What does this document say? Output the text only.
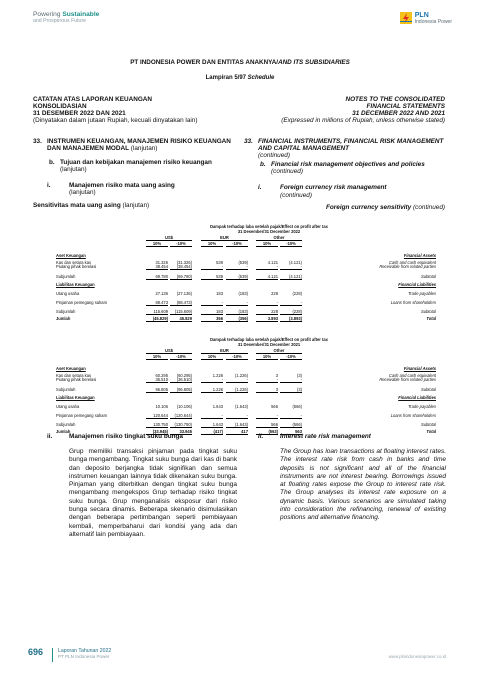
Powering Sustainable
and Prosperous Future
PLN
Indonesia Power
PT INDONESIA POWER DAN ENTITAS ANAKNYA/AND ITS SUBSIDIARIES
Lampiran 5/97 Schedule
CATATAN ATAS LAPORAN KEUANGAN
KONSOLIDASIAN
31 DESEMBER 2022 DAN 2021
(Dinyatakan dalam jutaan Rupiah, kecuali dinyatakan lain)
NOTES TO THE CONSOLIDATED
FINANCIAL STATEMENTS
31 DECEMBER 2022 AND 2021
(Expressed in millions of Rupiah, unless otherwise stated)
33. INSTRUMEN KEUANGAN, MANAJEMEN RISIKO KEUANGAN DAN MANAJEMEN MODAL (lanjutan)
b. Tujuan dan kebijakan manajemen risiko keuangan (lanjutan)
i.	Manajemen risiko mata uang asing
(lanjutan)
Sensitivitas mata uang asing (lanjutan)
33. FINANCIAL INSTRUMENTS, FINANCIAL RISK MANAGEMENT AND CAPITAL MANAGEMENT
(continued)
b. Financial risk management objectives and policies (continued)
i.	Foreign currency risk management
(continued)
Foreign currency sensitivity (continued)
Dampak terhadap laba setelah pajak/Effect on profit after tax
31 Desember/31 December 2022
US$	EUR	Other
10%	-10%	10%	-10%	10%	-10%
Aset Keuangan	Financial Assets
Kas dan setara kas	Cash and cash equivalent
31.326	(31.326)	539	(539)	4.121	(4.121)
Piutang pihak berelasi	Receivable from related parties
38.454	(38.454)	-	-	-	-
Subjumlah	Subtotal
69.780	(69.780)	539	(539)	4.121	(4.121)
Liabilitas Keuangan	Financial Liabilities
Utang usaha	Trade payables
27.136	(27.136)	183	(183)	228	(228)
Pinjaman pemegang saham	Loans from shareholders
88.473	(88.473)	-	-	-	-
Subjumlah	Subtotal
115.609	(115.609)	183	(183)	228	(228)
Jumlah	Total
(45.829)	45.829	356	(356)	3.893	(3.893)
Dampak terhadap laba setelah pajak/Effect on profit after tax
31 Desember/31 December 2021
US$	EUR	Other
10%	-10%	10%	-10%	10%	-10%
Aset Keuangan	Financial Assets
Kas dan setara kas	Cash and cash equivalent
60.295	(60.295)	1.226	(1.226)	3	(3)
Piutang pihak berelasi	Receivable from related parties
36.510	(36.510)	-	-	-	-
Subjumlah	Subtotal
96.805	(96.805)	1.226	(1.226)	3	(3)
Liabilitas Keuangan	Financial Liabilities
Utang usaha	Trade payables
10.106	(10.106)	1.643	(1.643)	566	(566)
Pinjaman pemegang saham	Loans from shareholders
120.644	(120.644)	-	-	-	-
Subjumlah	Subtotal
130.750	(130.750)	1.643	(1.643)	566	(566)
Jumlah	Total
(33.945)	33.945	(417)	417	(563)	563
ii.	Manajemen risiko tingkat suku bunga
Grup memiliki transaksi pinjaman pada tingkat suku bunga mengambang. Tingkat suku bunga dari kas di bank dan deposito berjangka tidak signifikan dan semua instrumen keuangan lainnya tidak dikenakan suku bunga. Pinjaman yang diterbitkan dengan tingkat suku bunga mengambang mengekspos Grup terhadap risiko tingkat suku bunga. Grup menganalisis eksposur dari risiko bunga secara dinamis. Beberapa skenario disimulasikan dengan beberapa pertimbangan seperti pembiayaan kembali, memperbaharui dari kondisi yang ada dan alternatif lain pembiayaan.
ii.	Interest rate risk management
The Group has loan transactions at floating interest rates. The interest rate risk from cash in banks and time deposits is not significant and all of the financial instruments are not interest bearing. Borrowings issued at floating rates expose the Group to interest rate risk. The Group analyses its interest rate exposure on a dynamic basis. Various scenarios are simulated taking into consideration the refinancing, renewal of existing positions and alternative financing.
696	Laporan Tahunan 2022
PT PLN Indonesia Power	www.plnindonesiapower.co.id
